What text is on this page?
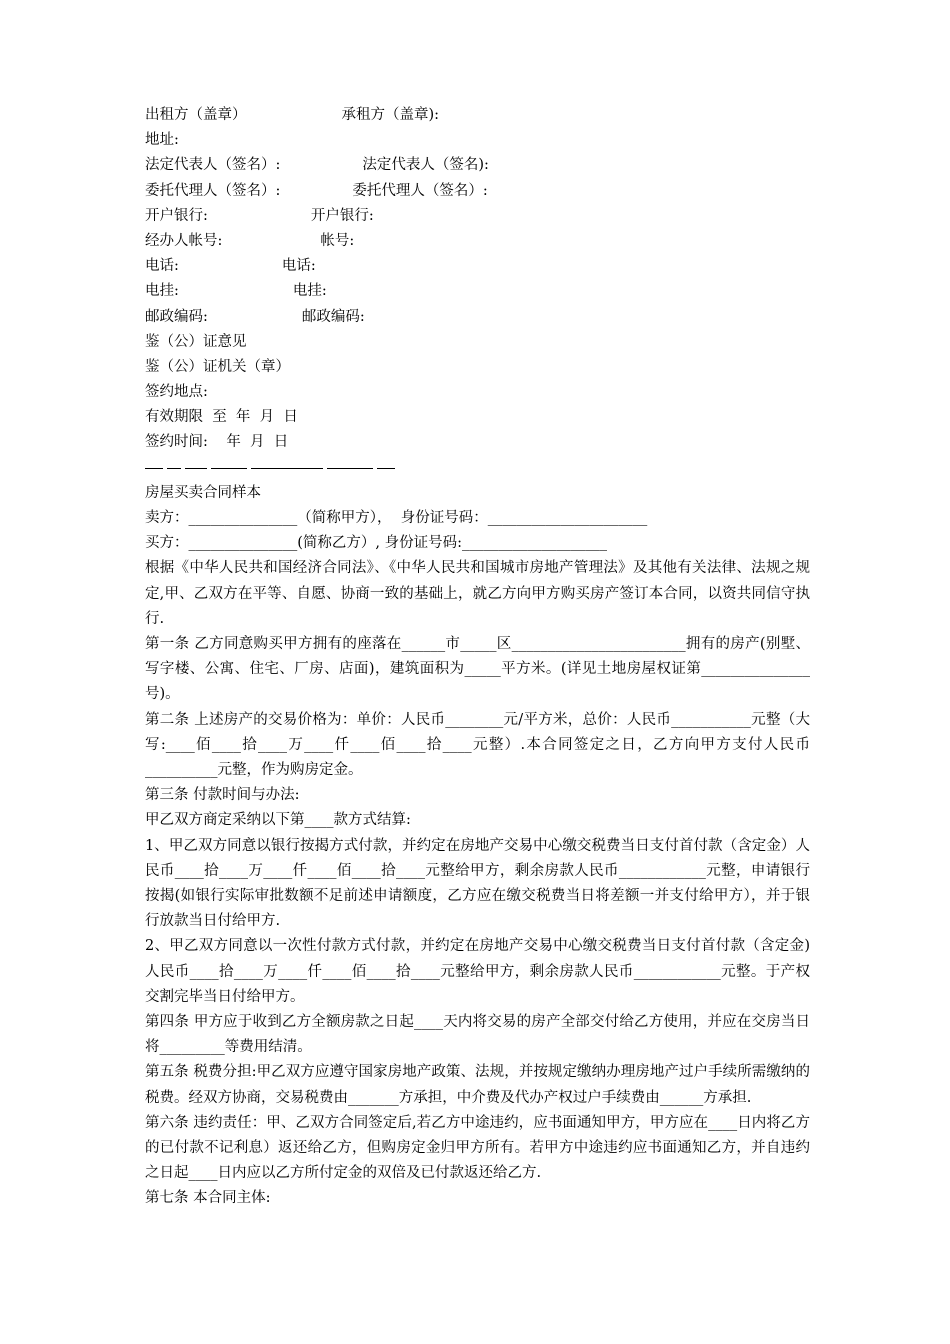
出租方（盖章）	承租方（盖章):
地址:
法定代表人（签名）:	法定代表人（签名):
委托代理人（签名）:	委托代理人（签名）:
开户银行:	开户银行:
经办人帐号:	帐号:
电话:	电话:
电挂:	电挂:
邮政编码:	邮政编码:
鉴（公）证意见
鉴（公）证机关（章）
签约地点:
有效期限  至  年  月  日
签约时间:    年  月  日
房屋买卖合同样本
卖方：_______________（简称甲方），  身份证号码：______________________
买方：_______________(简称乙方）, 身份证号码:____________________
根据《中华人民共和国经济合同法》、《中华人民共和国城市房地产管理法》及其他有关法律、法规之规定,甲、乙双方在平等、自愿、协商一致的基础上，就乙方向甲方购买房产签订本合同，以资共同信守执行.
第一条 乙方同意购买甲方拥有的座落在______市_____区________________________拥有的房产(别墅、写字楼、公寓、住宅、厂房、店面)，建筑面积为_____平方米。(详见土地房屋权证第_______________号)。
第二条 上述房产的交易价格为：单价：人民币________元/平方米，总价：人民币___________元整（大写:____佰____拾____万____仟____佰____拾____元整）.本合同签定之日，乙方向甲方支付人民币 __________元整，作为购房定金。
第三条 付款时间与办法:
甲乙双方商定采纳以下第____款方式结算:
1、甲乙双方同意以银行按揭方式付款，并约定在房地产交易中心缴交税费当日支付首付款（含定金）人民币____拾____万____仟____佰____拾____元整给甲方，剩余房款人民币____________元整，申请银行按揭(如银行实际审批数额不足前述申请额度，乙方应在缴交税费当日将差额一并支付给甲方），并于银行放款当日付给甲方.
2、甲乙双方同意以一次性付款方式付款，并约定在房地产交易中心缴交税费当日支付首付款（含定金)人民币____拾____万____仟____佰____拾____元整给甲方，剩余房款人民币____________元整。于产权交割完毕当日付给甲方。
第四条 甲方应于收到乙方全额房款之日起____天内将交易的房产全部交付给乙方使用，并应在交房当日将_________等费用结清。
第五条 税费分担:甲乙双方应遵守国家房地产政策、法规，并按规定缴纳办理房地产过户手续所需缴纳的税费。经双方协商，交易税费由_______方承担，中介费及代办产权过户手续费由______方承担.
第六条 违约责任：甲、乙双方合同签定后,若乙方中途违约，应书面通知甲方，甲方应在____日内将乙方的已付款不记利息）返还给乙方，但购房定金归甲方所有。若甲方中途违约应书面通知乙方，并自违约之日起____日内应以乙方所付定金的双倍及已付款返还给乙方.
第七条 本合同主体:
